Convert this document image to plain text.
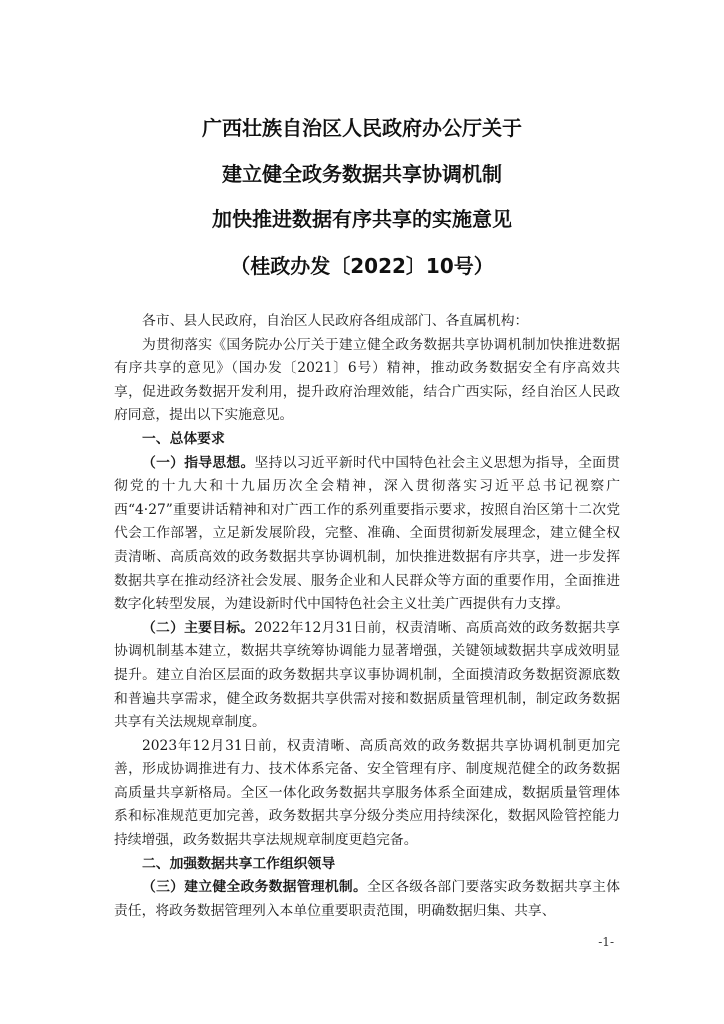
广西壮族自治区人民政府办公厅关于
建立健全政务数据共享协调机制
加快推进数据有序共享的实施意见
（桂政办发〔2022〕10号）

各市、县人民政府，自治区人民政府各组成部门、各直属机构：

为贯彻落实《国务院办公厅关于建立健全政务数据共享协调机制加快推进数据有序共享的意见》（国办发〔2021〕6号）精神，推动政务数据安全有序高效共享，促进政务数据开发利用，提升政府治理效能，结合广西实际，经自治区人民政府同意，提出以下实施意见。

一、总体要求

（一）指导思想。坚持以习近平新时代中国特色社会主义思想为指导，全面贯彻党的十九大和十九届历次全会精神，深入贯彻落实习近平总书记视察广西“4·27”重要讲话精神和对广西工作的系列重要指示要求，按照自治区第十二次党代会工作部署，立足新发展阶段，完整、准确、全面贯彻新发展理念，建立健全权责清晰、高质高效的政务数据共享协调机制，加快推进数据有序共享，进一步发挥数据共享在推动经济社会发展、服务企业和人民群众等方面的重要作用，全面推进数字化转型发展，为建设新时代中国特色社会主义壮美广西提供有力支撑。

（二）主要目标。2022年12月31日前，权责清晰、高质高效的政务数据共享协调机制基本建立，数据共享统筹协调能力显著增强，关键领域数据共享成效明显提升。建立自治区层面的政务数据共享议事协调机制，全面摸清政务数据资源底数和普遍共享需求，健全政务数据共享供需对接和数据质量管理机制，制定政务数据共享有关法规规章制度。

2023年12月31日前，权责清晰、高质高效的政务数据共享协调机制更加完善，形成协调推进有力、技术体系完备、安全管理有序、制度规范健全的政务数据高质量共享新格局。全区一体化政务数据共享服务体系全面建成，数据质量管理体系和标准规范更加完善，政务数据共享分级分类应用持续深化，数据风险管控能力持续增强，政务数据共享法规规章制度更趋完备。

二、加强数据共享工作组织领导

（三）建立健全政务数据管理机制。全区各级各部门要落实政务数据共享主体责任，将政务数据管理列入本单位重要职责范围，明确数据归集、共享、

-1-
